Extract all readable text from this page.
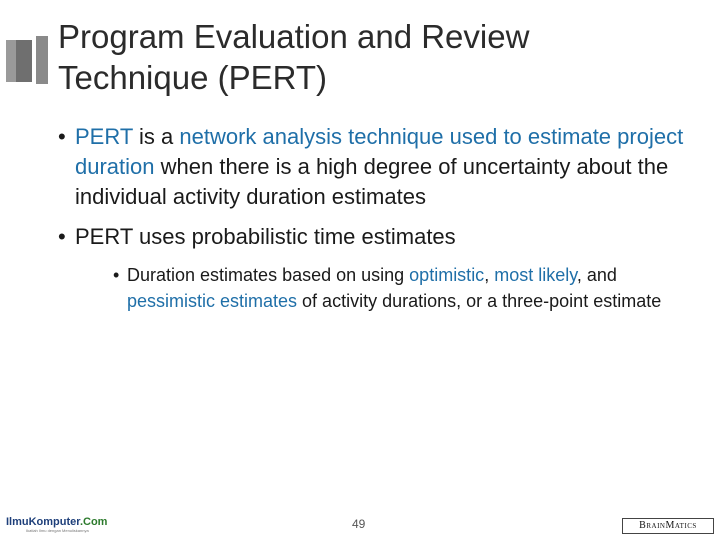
Program Evaluation and Review
Technique (PERT)
• PERT is a network analysis technique used to estimate project duration when there is a high degree of uncertainty about the individual activity duration estimates
• PERT uses probabilistic time estimates
• Duration estimates based on using optimistic, most likely, and pessimistic estimates of activity durations, or a three-point estimate
IlmuKomputer.Com
Ikatlah Ilmu dengan Menuliskannya	49	BRAINMATICS
